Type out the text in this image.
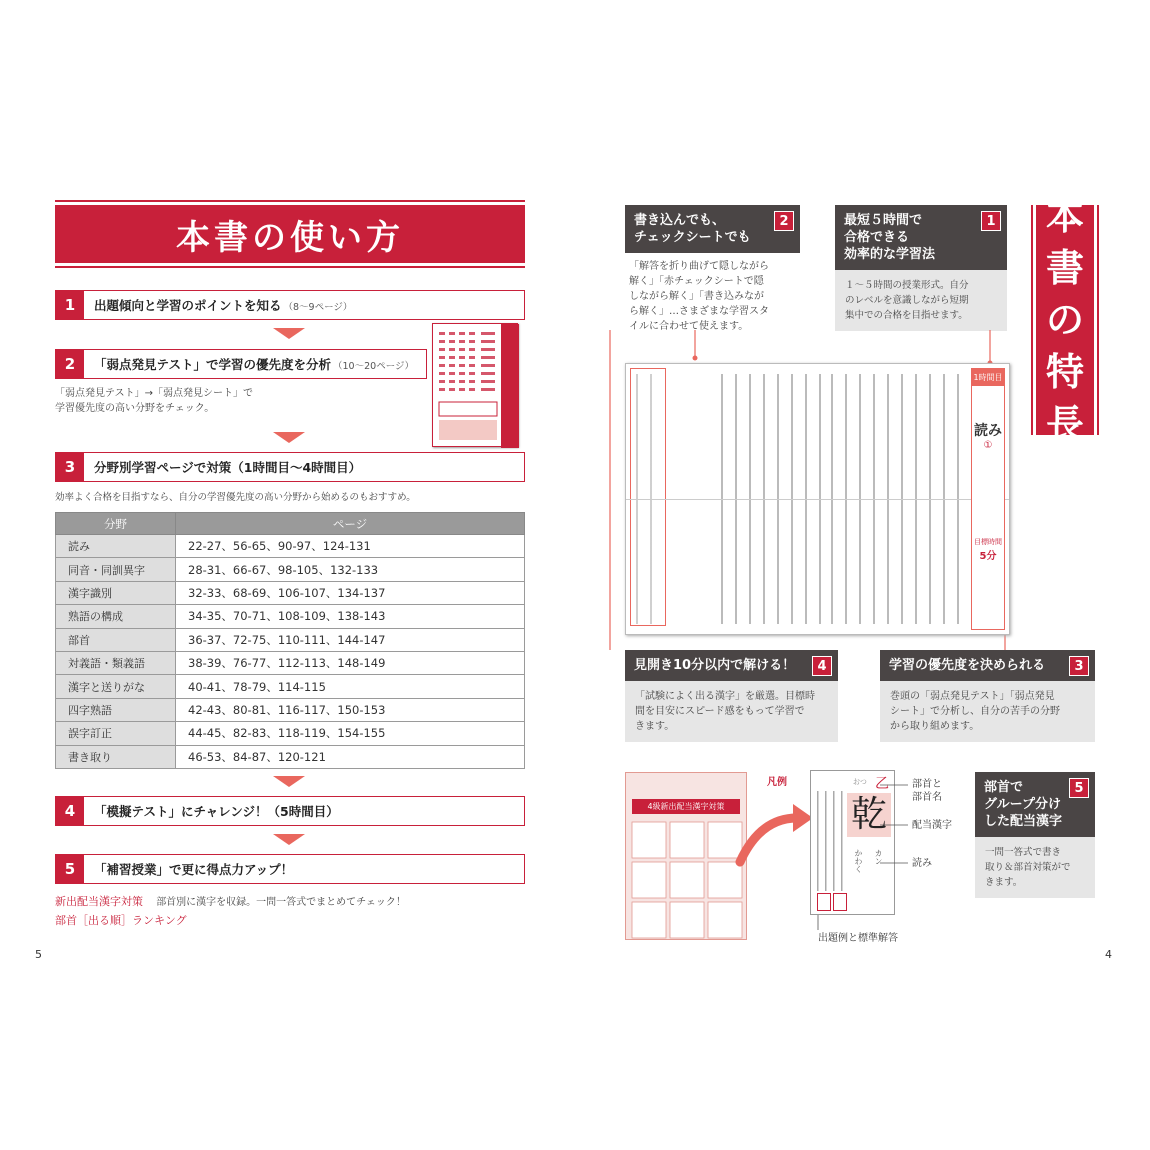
本書の使い方
1	出題傾向と学習のポイントを知る （8～9ページ）
2	「弱点発見テスト」で学習の優先度を分析 （10～20ページ）
「弱点発見テスト」→「弱点発見シート」で
学習優先度の高い分野をチェック。
3	分野別学習ページで対策（1時間目～4時間目）
効率よく合格を目指すなら、自分の学習優先度の高い分野から始めるのもおすすめ。
分野	ページ
読み	22-27、56-65、90-97、124-131
同音・同訓異字	28-31、66-67、98-105、132-133
漢字識別	32-33、68-69、106-107、134-137
熟語の構成	34-35、70-71、108-109、138-143
部首	36-37、72-75、110-111、144-147
対義語・類義語	38-39、76-77、112-113、148-149
漢字と送りがな	40-41、78-79、114-115
四字熟語	42-43、80-81、116-117、150-153
誤字訂正	44-45、82-83、118-119、154-155
書き取り	46-53、84-87、120-121
4	「模擬テスト」にチャレンジ！（5時間目）
5	「補習授業」で更に得点力アップ！
新出配当漢字対策 部首別に漢字を収録。一問一答式でまとめてチェック！
部首［出る順］ランキング
5
本
書
の
特
長
書き込んでも、
チェックシートでも
2
「解答を折り曲げて隠しながら
解く」「赤チェックシートで隠
しながら解く」「書き込みなが
ら解く」…さまざまな学習スタ
イルに合わせて使えます。
最短５時間で
合格できる
効率的な学習法
1
１～５時間の授業形式。自分
のレベルを意識しながら短期
集中での合格を目指せます。
1時間目
読み
①
目標時間
5分
見開き10分以内で解ける！	4
「試験によく出る漢字」を厳選。目標時
間を目安にスピード感をもって学習で
きます。
学習の優先度を決められる	3
巻頭の「弱点発見テスト」「弱点発見
シート」で分析し、自分の苦手の分野
から取り組めます。
4級新出配当漢字対策
凡例	おつ 乙
乾
カン
かわく
部首と
部首名
配当漢字
読み
出題例と標準解答
部首で
グループ分け
した配当漢字
5
一問一答式で書き
取り＆部首対策がで
きます。
4
